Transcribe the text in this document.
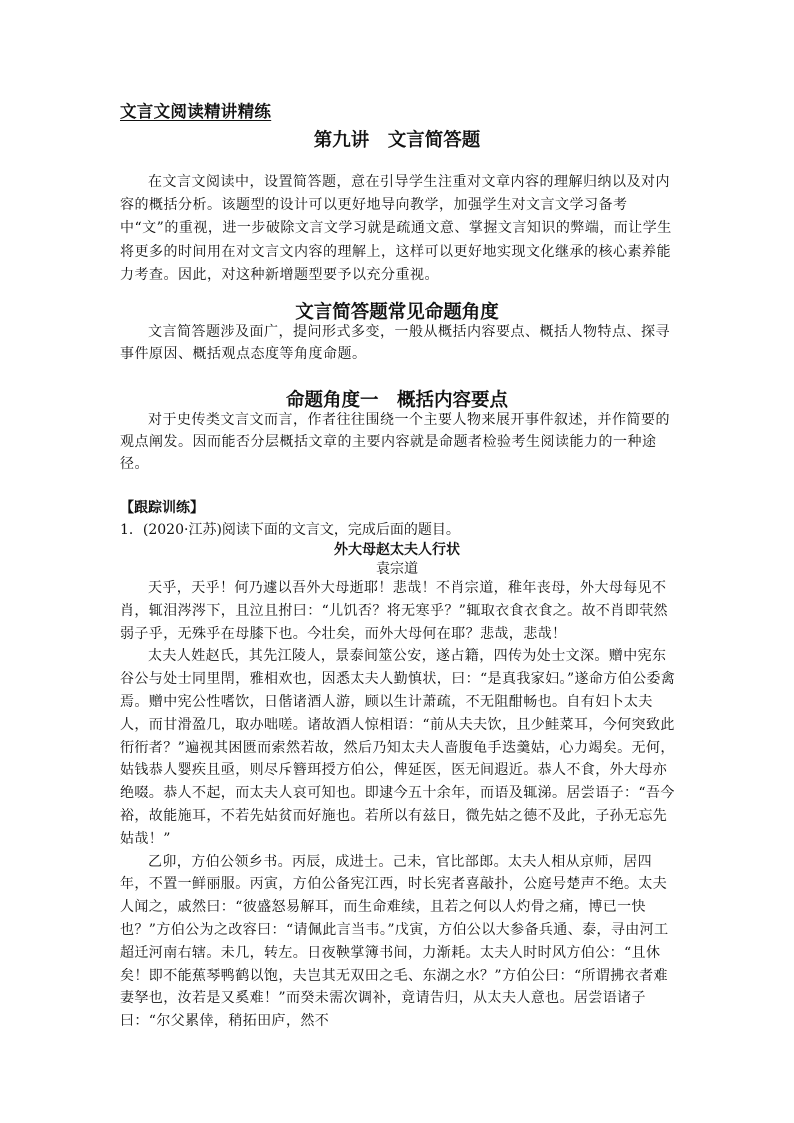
文言文阅读精讲精练
第九讲　文言简答题

在文言文阅读中，设置简答题，意在引导学生注重对文章内容的理解归纳以及对内容的概括分析。该题型的设计可以更好地导向教学，加强学生对文言文学习备考中“文”的重视，进一步破除文言文学习就是疏通文意、掌握文言知识的弊端，而让学生将更多的时间用在对文言文内容的理解上，这样可以更好地实现文化继承的核心素养能力考查。因此，对这种新增题型要予以充分重视。

文言简答题常见命题角度

文言简答题涉及面广，提问形式多变，一般从概括内容要点、概括人物特点、探寻事件原因、概括观点态度等角度命题。

命题角度一　概括内容要点

对于史传类文言文而言，作者往往围绕一个主要人物来展开事件叙述，并作简要的观点阐发。因而能否分层概括文章的主要内容就是命题者检验考生阅读能力的一种途径。

【跟踪训练】

1．(2020·江苏)阅读下面的文言文，完成后面的题目。

外大母赵太夫人行状

袁宗道

天乎，天乎！何乃遽以吾外大母逝耶！悲哉！不肖宗道，稚年丧母，外大母每见不肖，辄泪涔涔下，且泣且拊曰：“儿饥否？将无寒乎？”辄取衣食衣食之。故不肖即茕然弱子乎，无殊乎在母膝下也。今壮矣，而外大母何在耶？悲哉，悲哉！

太夫人姓赵氏，其先江陵人，景泰间筮公安，遂占籍，四传为处士文深。赠中宪东谷公与处士同里閈，雅相欢也，因悉太夫人勤慎状，曰：“是真我家妇。”遂命方伯公委禽焉。赠中宪公性嗜饮，日偕诸酒人游，顾以生计萧疏，不无阻酣畅也。自有妇卜太夫人，而甘滑盈几，取办咄嗟。诸故酒人惊相语：“前从夫夫饮，且少鲑菜耳，今何突致此衎衎者？”遍视其困匮而索然若故，然后乃知太夫人啬腹龟手迭羹姑，心力竭矣。无何，姑钱恭人婴疾且亟，则尽斥簪珥授方伯公，俾延医，医无间遐近。恭人不食，外大母亦绝啜。恭人不起，而太夫人哀可知也。即逮今五十余年，而语及辄涕。居尝语子：“吾今裕，故能施耳，不若先姑贫而好施也。若所以有兹日，微先姑之德不及此，子孙无忘先姑哉！”

乙卯，方伯公领乡书。丙辰，成进士。己未，官比部郎。太夫人相从京师，居四年，不置一鲜丽服。丙寅，方伯公备宪江西，时长宪者喜敲扑，公庭号楚声不绝。太夫人闻之，戚然曰：“彼盛怒易解耳，而生命难续，且若之何以人灼骨之痛，博已一快也？”方伯公为之改容曰：“请佩此言当韦。”戊寅，方伯公以大参备兵通、泰，寻由河工超迁河南右辖。未几，转左。日夜鞅掌簿书间，力渐耗。太夫人时时风方伯公：“且休矣！即不能蕉琴鸭鹤以饱，夫岂其无双田之毛、东湖之水？”方伯公曰：“所谓拂衣者难妻孥也，汝若是又奚难！”而癸未需次调补，竟请告归，从太夫人意也。居尝语诸子曰：“尔父累倖，稍拓田庐，然不
